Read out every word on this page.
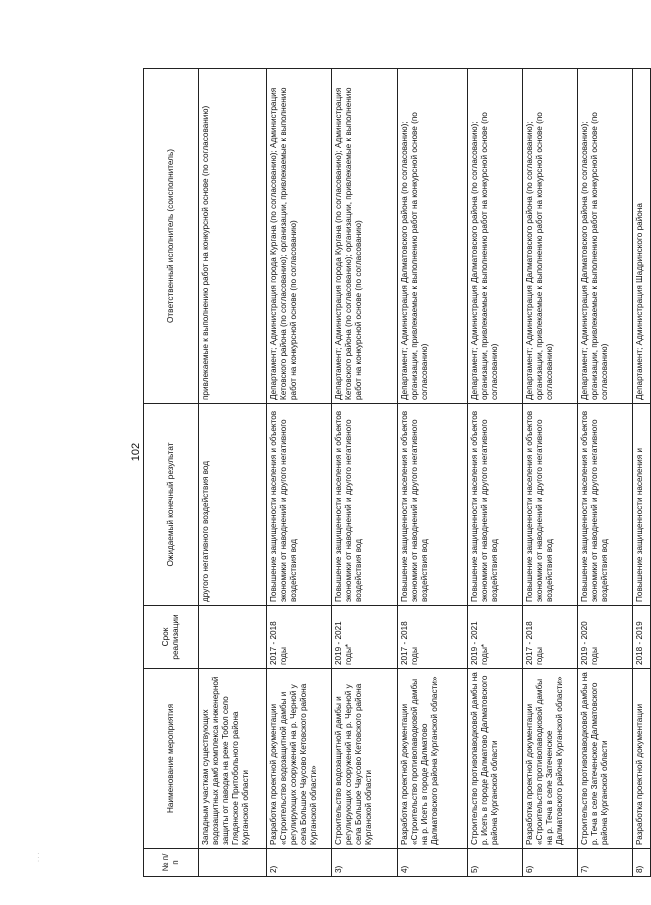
102
· · ·	№ п/п	Наименование мероприятия	Срок реализации	Ожидаемый конечный результат	Ответственный исполнитель (соисполнитель)
	Западным участкам существующих водозащитных дамб комплекса инженерной защиты от паводка на реке Тобол село Глядянское Притобольного района Курганской области		другого негативного воздействия вод	привлекаемые к выполнению работ на конкурсной основе (по согласованию)
2)	Разработка проектной документации «Строительство водозащитной дамбы и регулирующих сооружений на р. Черной у села Большое Чаусово Кетовского района Курганской области»	2017 - 2018 годы	Повышение защищенности населения и объектов экономики от наводнений и другого негативного воздействия вод	Департамент; Администрация города Кургана (по согласованию); Администрация Кетовского района (по согласованию); организации, привлекаемые к выполнению работ на конкурсной основе (по согласованию)
3)	Строительство водозащитной дамбы и регулирующих сооружений на р. Черной у села Большое Чаусово Кетовского района Курганской области	2019 - 2021 годы*	Повышение защищенности населения и объектов экономики от наводнений и другого негативного воздействия вод	Департамент; Администрация города Кургана (по согласованию); Администрация Кетовского района (по согласованию); организации, привлекаемые к выполнению работ на конкурсной основе (по согласованию)
4)	Разработка проектной документации «Строительство противопаводковой дамбы на р. Исеть в городе Далматово Далматовского района Курганской области»	2017 - 2018 годы	Повышение защищенности населения и объектов экономики от наводнений и другого негативного воздействия вод	Департамент; Администрация Далматовского района (по согласованию); организации, привлекаемые к выполнению работ на конкурсной основе (по согласованию)
5)	Строительство противопаводковой дамбы на р. Исеть в городе Далматово Далматовского района Курганской области	2019 - 2021 годы*	Повышение защищенности населения и объектов экономики от наводнений и другого негативного воздействия вод	Департамент; Администрация Далматовского района (по согласованию); организации, привлекаемые к выполнению работ на конкурсной основе (по согласованию)
6)	Разработка проектной документации «Строительство противопаводковой дамбы на р. Теча в селе Затеченское Далматовского района Курганской области»	2017 - 2018 годы	Повышение защищенности населения и объектов экономики от наводнений и другого негативного воздействия вод	Департамент; Администрация Далматовского района (по согласованию); организации, привлекаемые к выполнению работ на конкурсной основе (по согласованию)
7)	Строительство противопаводковой дамбы на р. Теча в селе Затеченское Далматовского района Курганской области	2019 - 2020 годы	Повышение защищенности населения и объектов экономики от наводнений и другого негативного воздействия вод	Департамент; Администрация Далматовского района (по согласованию); организации, привлекаемые к выполнению работ на конкурсной основе (по согласованию)
8)	Разработка проектной документации	2018 - 2019	Повышение защищенности населения и	Департамент; Администрация Шадринского района
